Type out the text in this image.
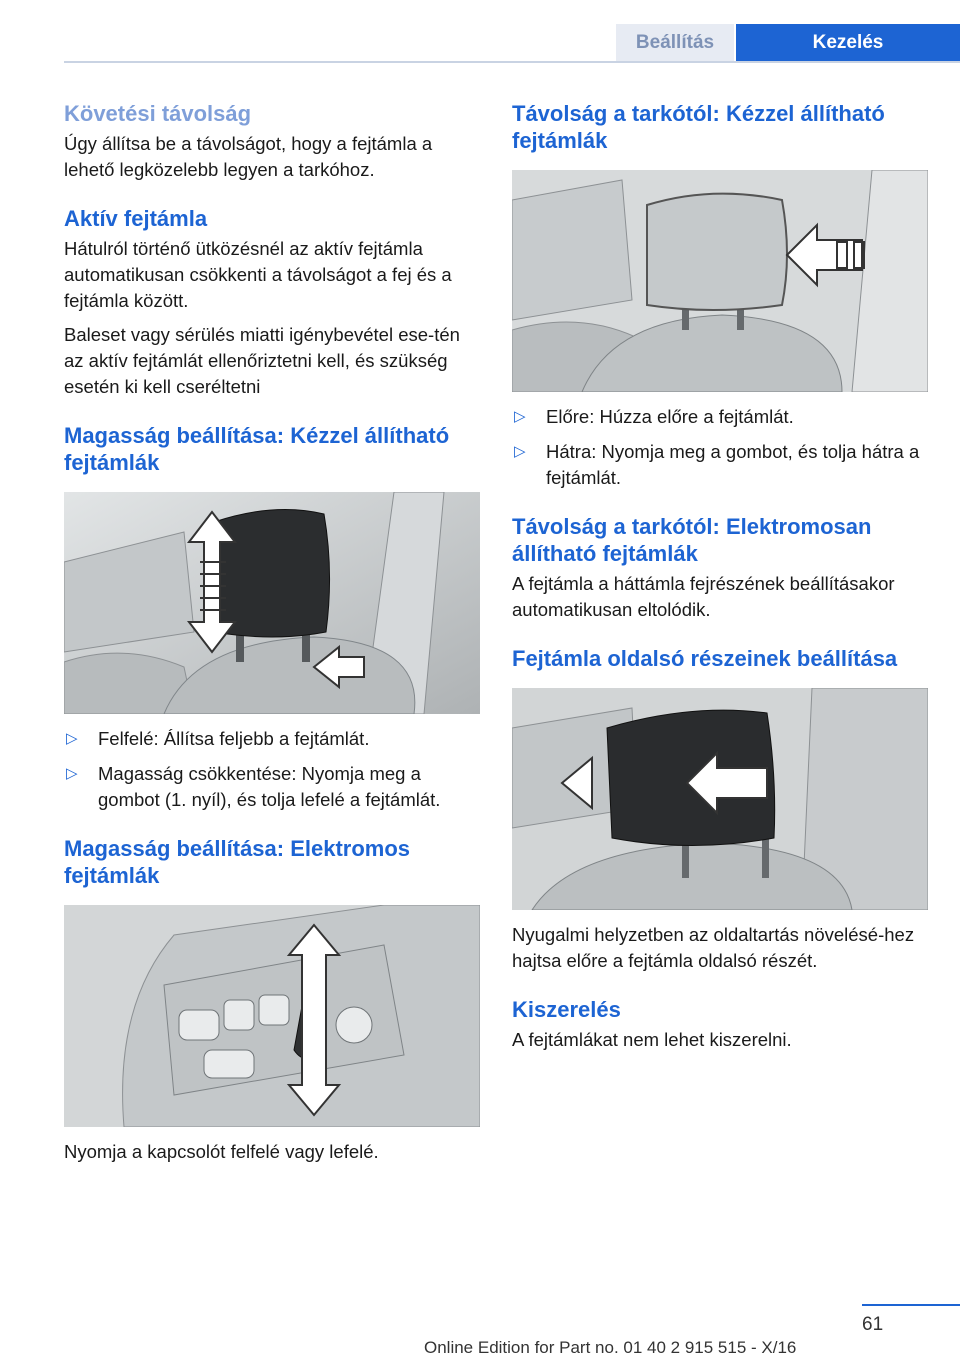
Beállítás	Kezelés
Követési távolság

Úgy állítsa be a távolságot, hogy a fejtámla a lehető legközelebb legyen a tarkóhoz.

Aktív fejtámla

Hátulról történő ütközésnél az aktív fejtámla automatikusan csökkenti a távolságot a fej és a fejtámla között.

Baleset vagy sérülés miatti igénybevétel ese-tén az aktív fejtámlát ellenőriztetni kell, és szükség esetén ki kell cseréltetni

Magasság beállítása: Kézzel állítható fejtámlák
▷ Felfelé: Állítsa feljebb a fejtámlát.
▷ Magasság csökkentése: Nyomja meg a gombot (1. nyíl), és tolja lefelé a fejtámlát.
Magasság beállítása: Elektromos fejtámlák

Nyomja a kapcsolót felfelé vagy lefelé.

Távolság a tarkótól: Kézzel állítható fejtámlák
▷ Előre: Húzza előre a fejtámlát.
▷ Hátra: Nyomja meg a gombot, és tolja hátra a fejtámlát.
Távolság a tarkótól: Elektromosan állítható fejtámlák

A fejtámla a háttámla fejrészének beállításakor automatikusan eltolódik.

Fejtámla oldalsó részeinek beállítása

Nyugalmi helyzetben az oldaltartás növelésé-hez hajtsa előre a fejtámla oldalsó részét.

Kiszerelés

A fejtámlákat nem lehet kiszerelni.

61
Online Edition for Part no. 01 40 2 915 515 - X/16
